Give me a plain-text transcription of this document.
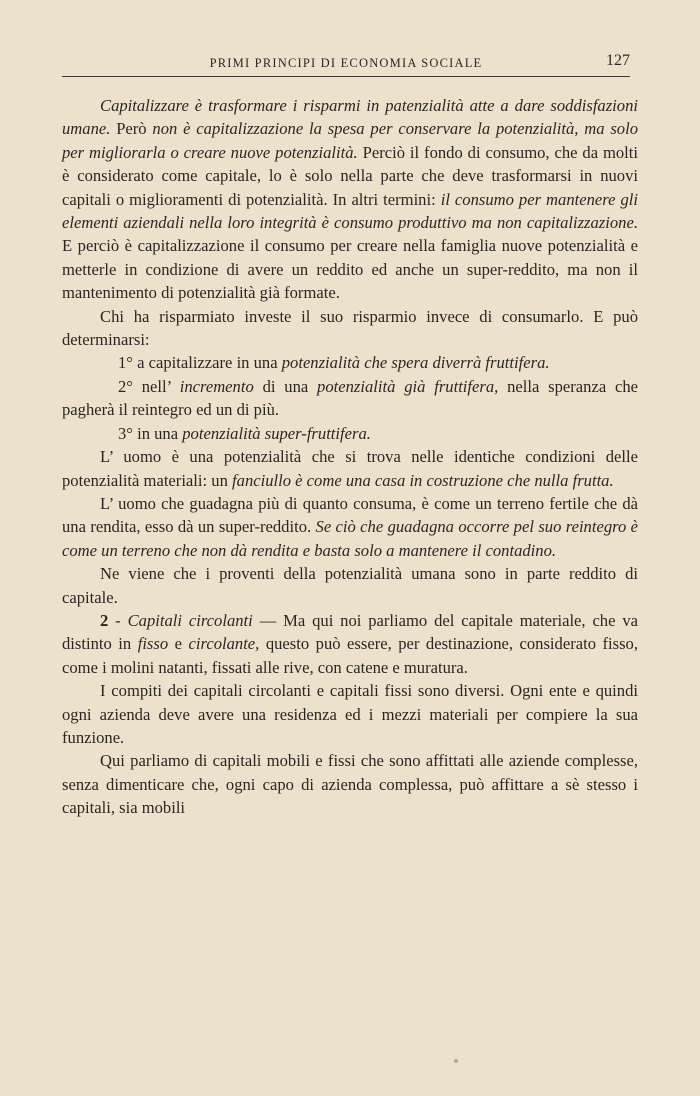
PRIMI PRINCIPI DI ECONOMIA SOCIALE	127

Capitalizzare è trasformare i risparmi in patenzialità atte a dare soddisfazioni umane. Però non è capitalizzazione la spesa per conservare la potenzialità, ma solo per migliorarla o creare nuove potenzialità. Perciò il fondo di consumo, che da molti è considerato come capitale, lo è solo nella parte che deve trasformarsi in nuovi capitali o miglioramenti di potenzialità. In altri termini: il consumo per mantenere gli elementi aziendali nella loro integrità è consumo produttivo ma non capitalizzazione. E perciò è capitalizzazione il consumo per creare nella famiglia nuove potenzialità e metterle in condizione di avere un reddito ed anche un super-reddito, ma non il mantenimento di potenzialità già formate.

Chi ha risparmiato investe il suo risparmio invece di consumarlo. E può determinarsi:

1° a capitalizzare in una potenzialità che spera diverrà fruttifera.

2° nell’ incremento di una potenzialità già fruttifera, nella speranza che pagherà il reintegro ed un di più.

3° in una potenzialità super-fruttifera.

L’ uomo è una potenzialità che si trova nelle identiche condizioni delle potenzialità materiali: un fanciullo è come una casa in costruzione che nulla frutta.

L’ uomo che guadagna più di quanto consuma, è come un terreno fertile che dà una rendita, esso dà un super-reddito. Se ciò che guadagna occorre pel suo reintegro è come un terreno che non dà rendita e basta solo a mantenere il contadino.

Ne viene che i proventi della potenzialità umana sono in parte reddito di capitale.

2 - Capitali circolanti — Ma qui noi parliamo del capitale materiale, che va distinto in fisso e circolante, questo può essere, per destinazione, considerato fisso, come i molini natanti, fissati alle rive, con catene e muratura.

I compiti dei capitali circolanti e capitali fissi sono diversi. Ogni ente e quindi ogni azienda deve avere una residenza ed i mezzi materiali per compiere la sua funzione.

Qui parliamo di capitali mobili e fissi che sono affittati alle aziende complesse, senza dimenticare che, ogni capo di azienda complessa, può affittare a sè stesso i capitali, sia mobili
